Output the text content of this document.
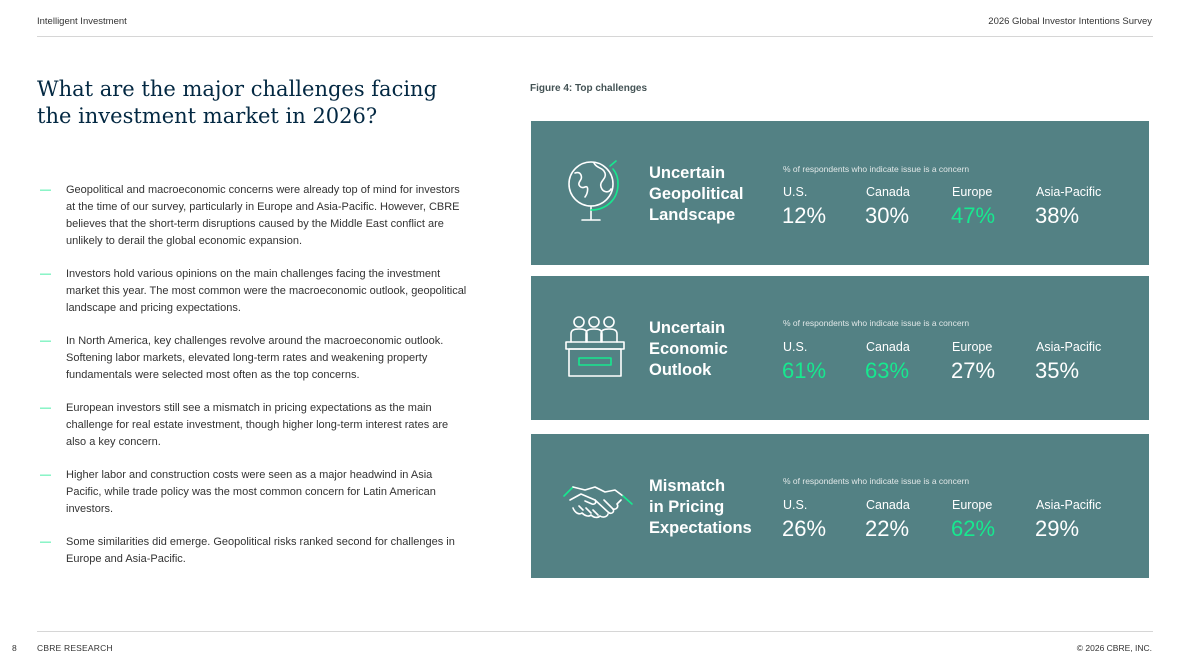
Intelligent Investment	2026 Global Investor Intentions Survey
What are the major challenges facing
the investment market in 2026?
— Geopolitical and macroeconomic concerns were already top of mind for investors at the time of our survey, particularly in Europe and Asia-Pacific. However, CBRE believes that the short-term disruptions caused by the Middle East conflict are unlikely to derail the global economic expansion.
— Investors hold various opinions on the main challenges facing the investment market this year. The most common were the macroeconomic outlook, geopolitical landscape and pricing expectations.
— In North America, key challenges revolve around the macroeconomic outlook. Softening labor markets, elevated long-term rates and weakening property fundamentals were selected most often as the top concerns.
— European investors still see a mismatch in pricing expectations as the main challenge for real estate investment, though higher long-term interest rates are also a key concern.
— Higher labor and construction costs were seen as a major headwind in Asia Pacific, while trade policy was the most common concern for Latin American investors.
— Some similarities did emerge. Geopolitical risks ranked second for challenges in Europe and Asia-Pacific.
Figure 4: Top challenges
Uncertain
Geopolitical
Landscape
% of respondents who indicate issue is a concern
U.S.	Canada	Europe	Asia-Pacific
12% 30% 47% 38%
Uncertain
Economic
Outlook
% of respondents who indicate issue is a concern
U.S.	Canada	Europe	Asia-Pacific
61% 63% 27% 35%
Mismatch
in Pricing
Expectations
% of respondents who indicate issue is a concern
U.S.	Canada	Europe	Asia-Pacific
26% 22% 62% 29%
8 CBRE RESEARCH	© 2026 CBRE, INC.
